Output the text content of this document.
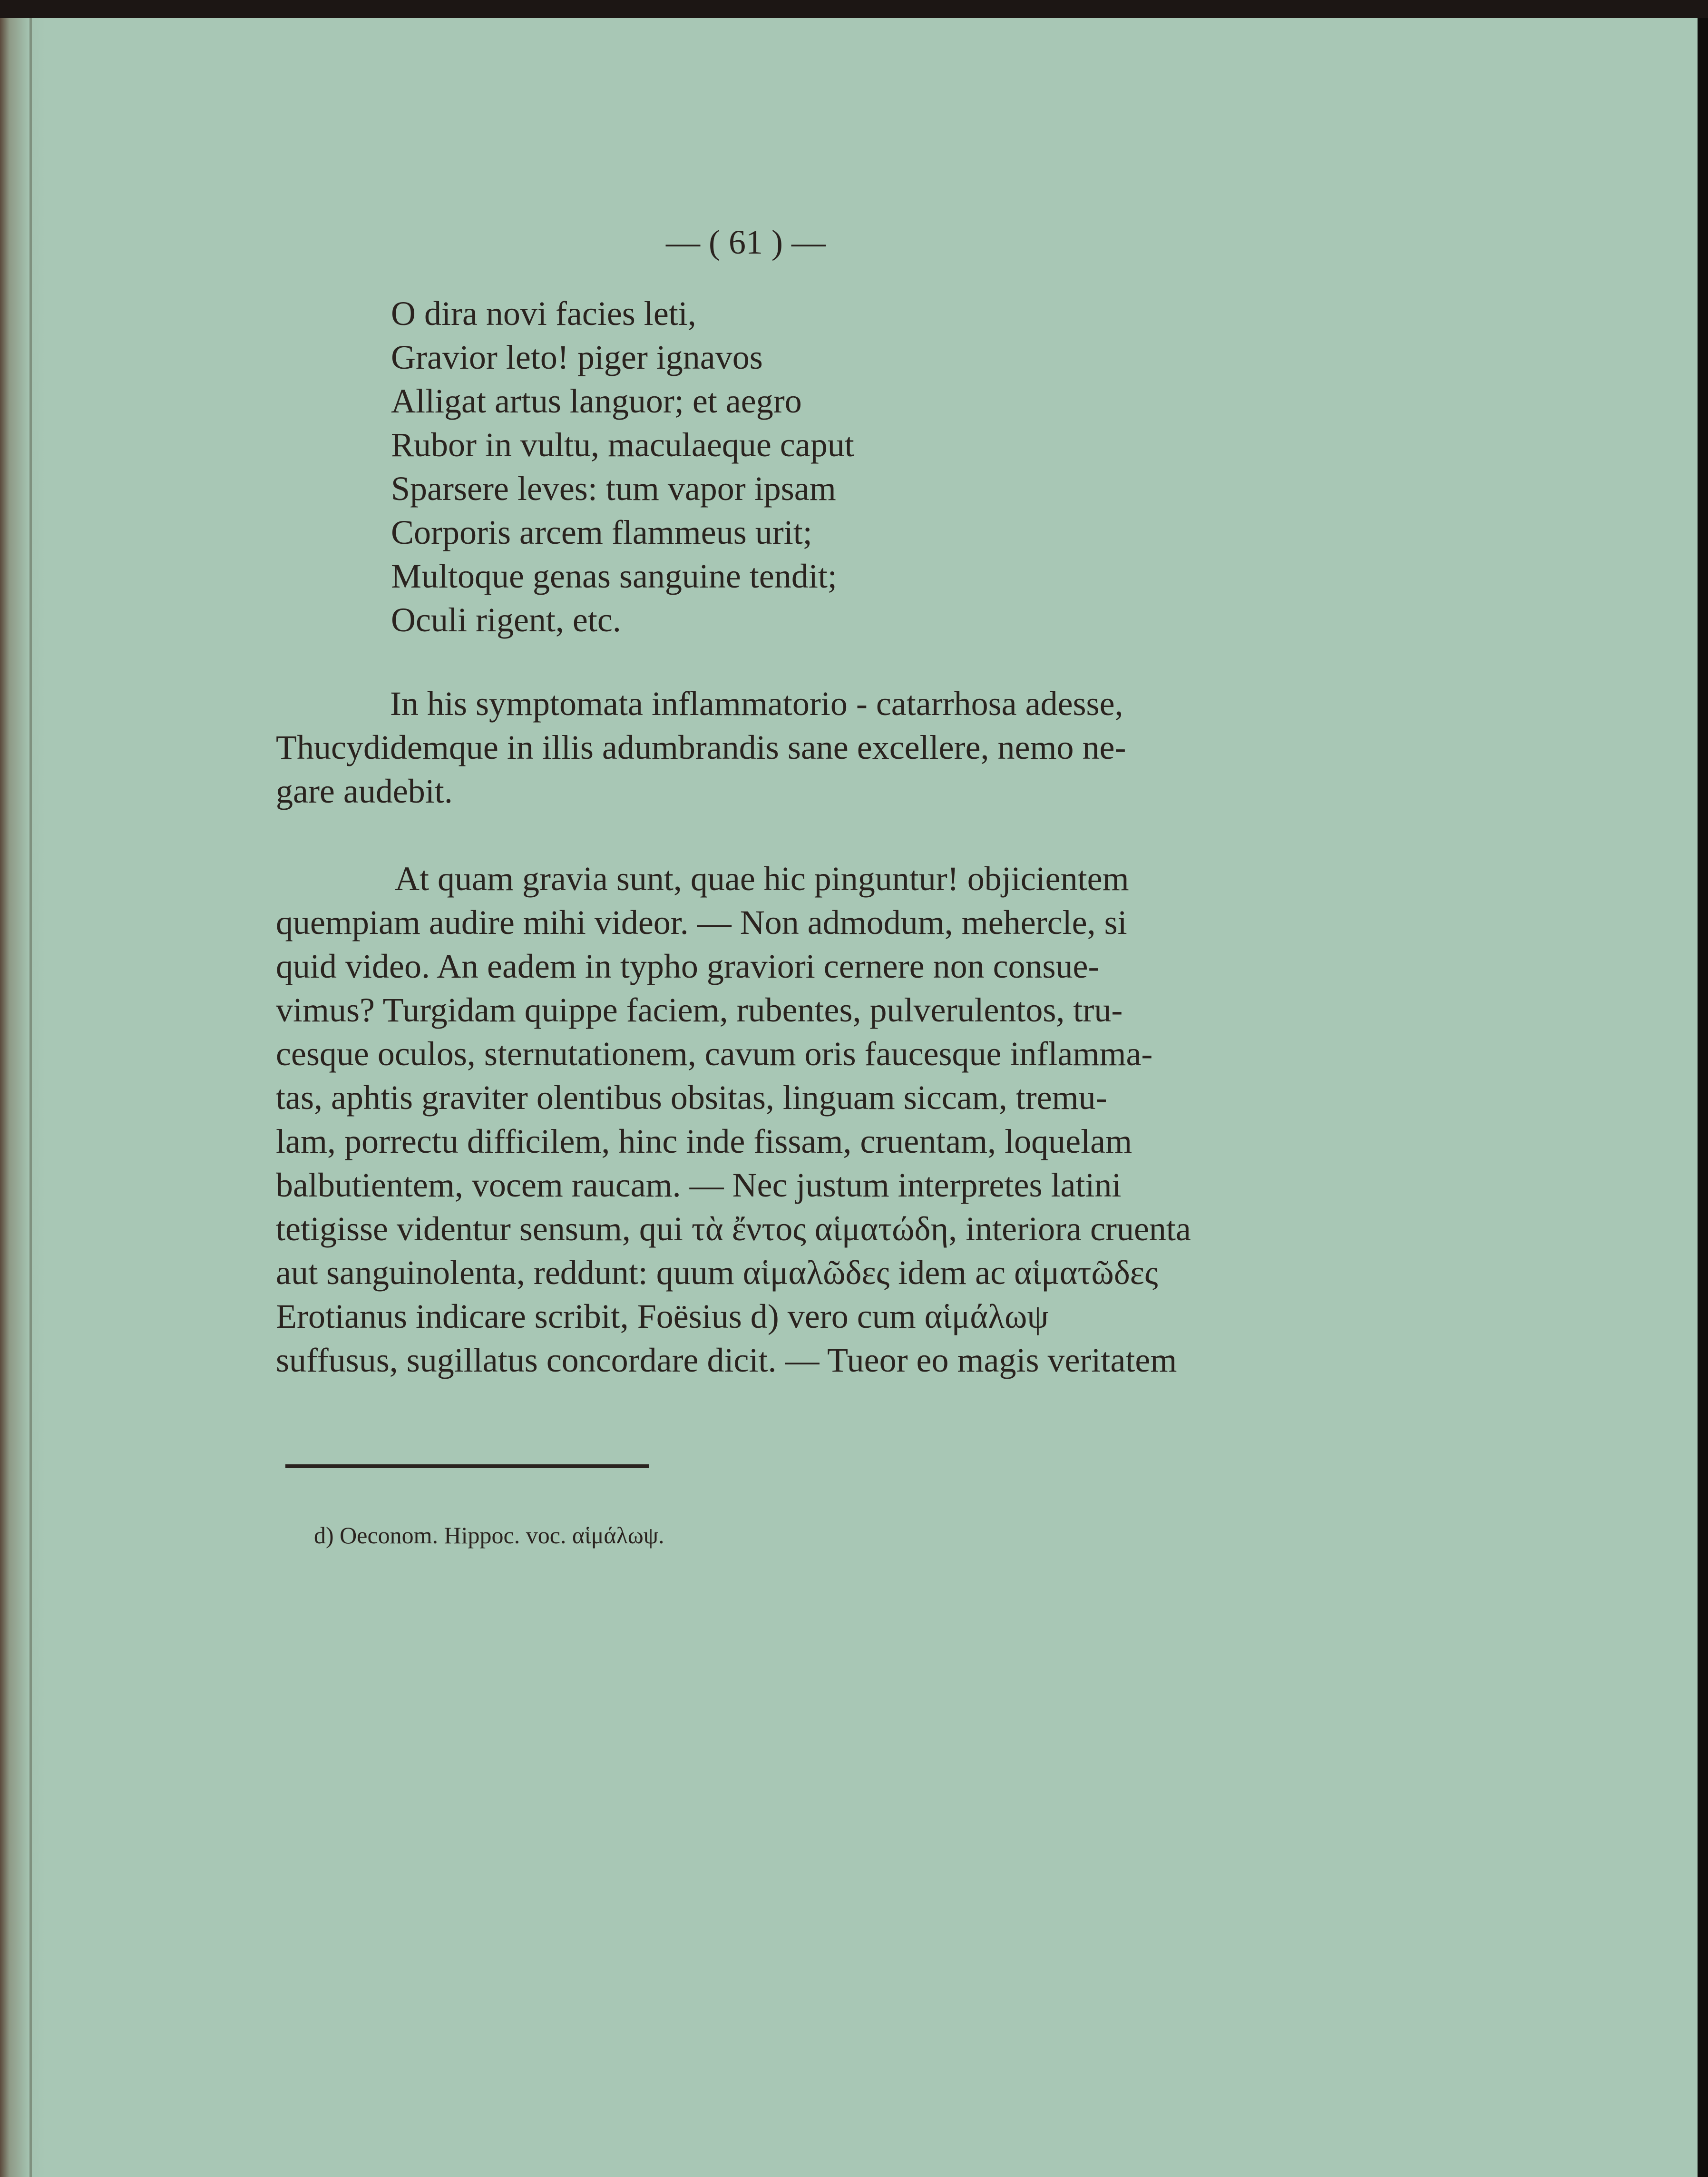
— ( 61 ) —

O dira novi facies leti,

Gravior leto! piger ignavos

Alligat artus languor; et aegro

Rubor in vultu, maculaeque caput

Sparsere leves: tum vapor ipsam

Corporis arcem flammeus urit;

Multoque genas sanguine tendit;

Oculi rigent, etc.

In his symptomata inflammatorio - catarrhosa adesse,

Thucydidemque in illis adumbrandis sane excellere, nemo ne-

gare audebit.

At quam gravia sunt, quae hic pinguntur! objicientem

quempiam audire mihi videor. — Non admodum, mehercle, si

quid video. An eadem in typho graviori cernere non consue-

vimus? Turgidam quippe faciem, rubentes, pulverulentos, tru-

cesque oculos, sternutationem, cavum oris faucesque inflamma-

tas, aphtis graviter olentibus obsitas, linguam siccam, tremu-

lam, porrectu difficilem, hinc inde fissam, cruentam, loquelam

balbutientem, vocem raucam. — Nec justum interpretes latini

tetigisse videntur sensum, qui τὰ ἔντος αἱματώδη, interiora cruenta

aut sanguinolenta, reddunt: quum αἱμαλῶδες idem ac αἱματῶδες

Erotianus indicare scribit, Foësius d) vero cum αἱμάλωψ

suffusus, sugillatus concordare dicit. — Tueor eo magis veritatem

d) Oeconom. Hippoc. voc. αἱμάλωψ.
